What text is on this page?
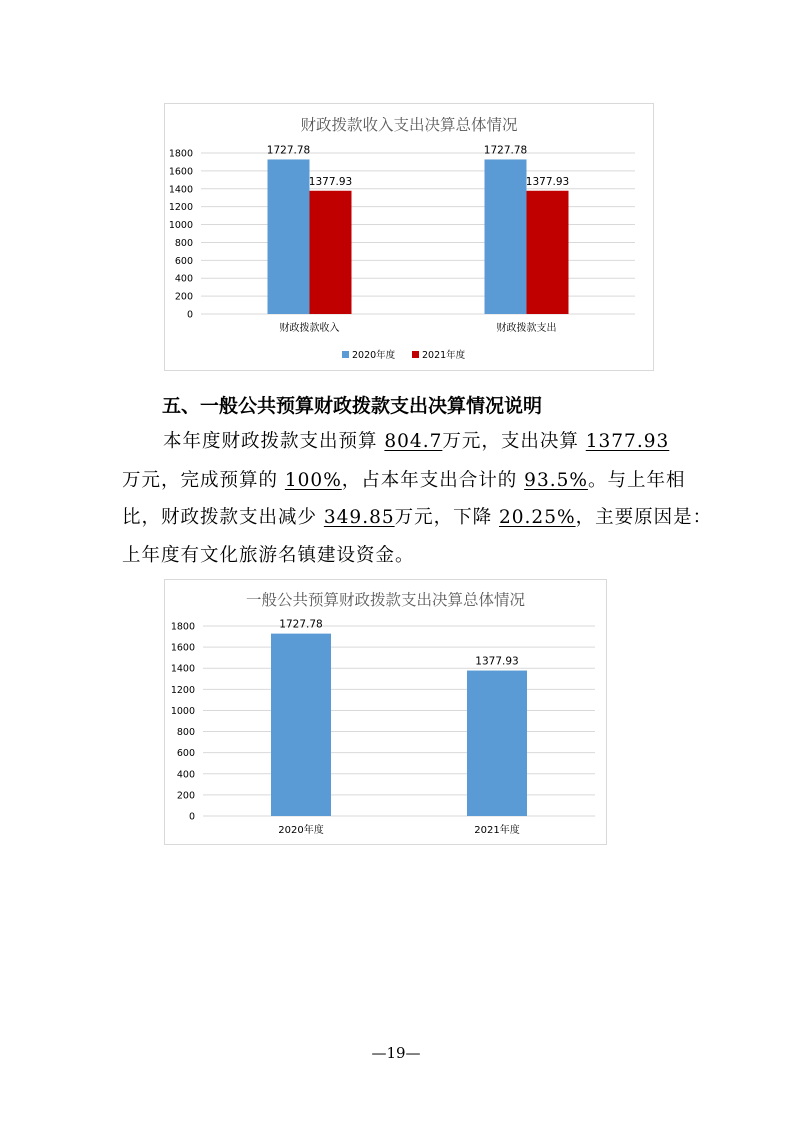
财政拨款收入支出决算总体情况
0
200
400
600
800
1000
1200
1400
1600
1800	1727.78
1377.93
财政拨款收入
1727.78
1377.93
财政拨款支出
2020年度	2021年度
五、一般公共预算财政拨款支出决算情况说明
本年度财政拨款支出预算 804.7万元，支出决算 1377.93
万元，完成预算的 100%，占本年支出合计的 93.5%。与上年相
比，财政拨款支出减少 349.85万元，下降 20.25%，主要原因是：
上年度有文化旅游名镇建设资金。
一般公共预算财政拨款支出决算总体情况
0
200
400
600
800
1000
1200
1400
1600
1800	1727.78
2020年度
1377.93
2021年度
—19—
